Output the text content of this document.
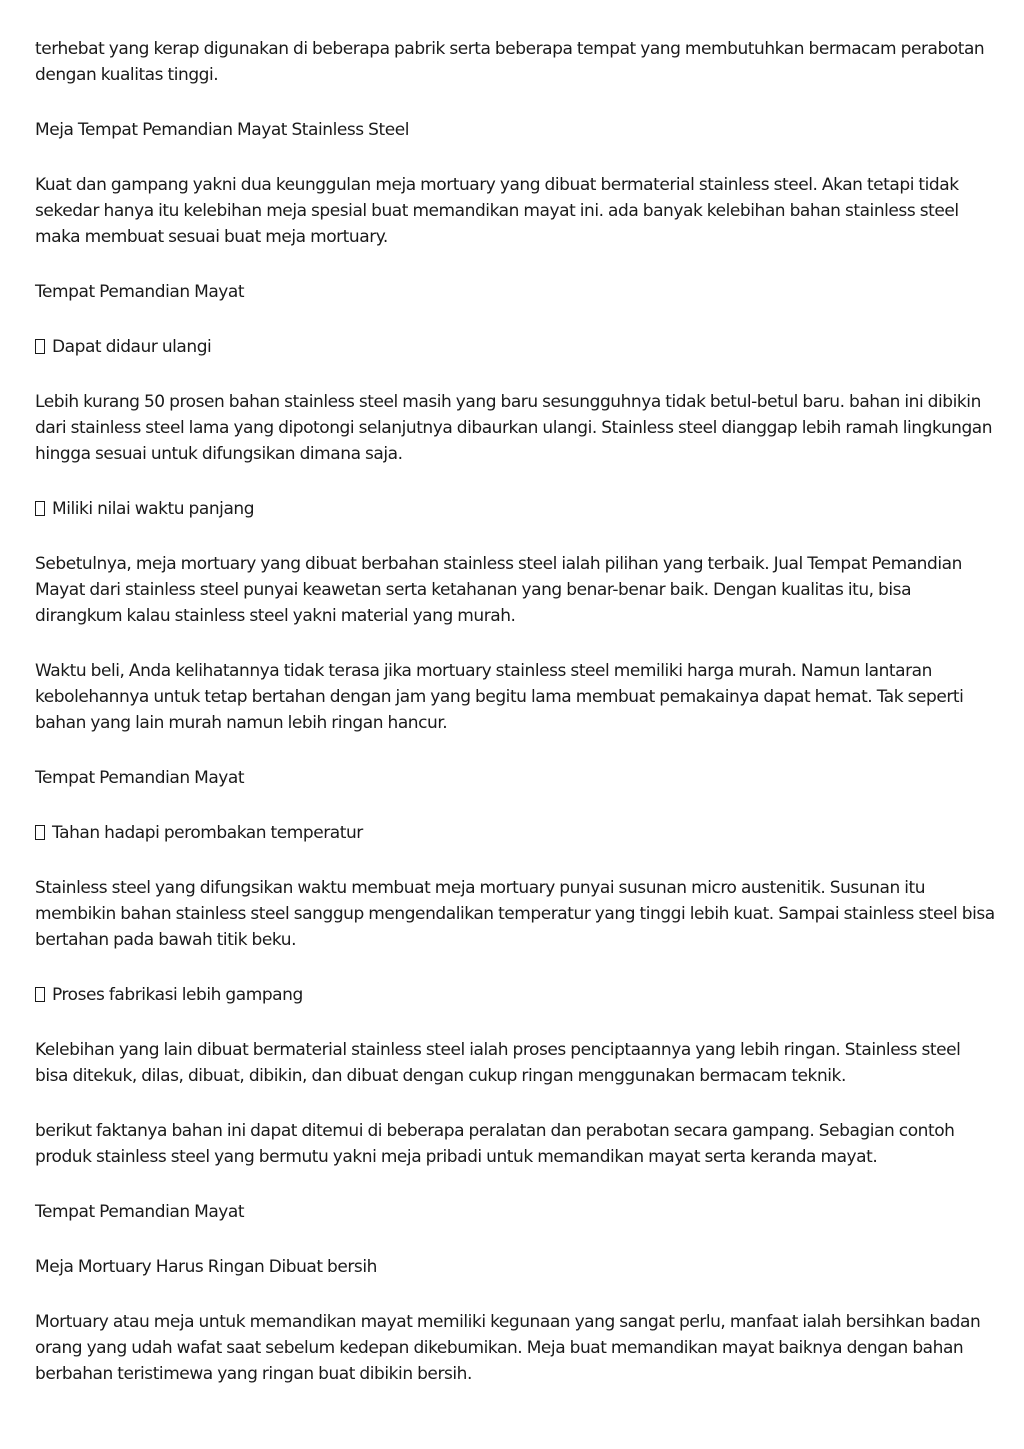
terhebat yang kerap digunakan di beberapa pabrik serta beberapa tempat yang membutuhkan bermacam perabotan dengan kualitas tinggi.

Meja Tempat Pemandian Mayat Stainless Steel

Kuat dan gampang yakni dua keunggulan meja mortuary yang dibuat bermaterial stainless steel. Akan tetapi tidak sekedar hanya itu kelebihan meja spesial buat memandikan mayat ini. ada banyak kelebihan bahan stainless steel maka membuat sesuai buat meja mortuary.

Tempat Pemandian Mayat

Dapat didaur ulangi

Lebih kurang 50 prosen bahan stainless steel masih yang baru sesungguhnya tidak betul-betul baru. bahan ini dibikin dari stainless steel lama yang dipotongi selanjutnya dibaurkan ulangi. Stainless steel dianggap lebih ramah lingkungan hingga sesuai untuk difungsikan dimana saja.

Miliki nilai waktu panjang

Sebetulnya, meja mortuary yang dibuat berbahan stainless steel ialah pilihan yang terbaik. Jual Tempat Pemandian Mayat dari stainless steel punyai keawetan serta ketahanan yang benar-benar baik. Dengan kualitas itu, bisa dirangkum kalau stainless steel yakni material yang murah.

Waktu beli, Anda kelihatannya tidak terasa jika mortuary stainless steel memiliki harga murah. Namun lantaran kebolehannya untuk tetap bertahan dengan jam yang begitu lama membuat pemakainya dapat hemat. Tak seperti bahan yang lain murah namun lebih ringan hancur.

Tempat Pemandian Mayat

Tahan hadapi perombakan temperatur

Stainless steel yang difungsikan waktu membuat meja mortuary punyai susunan micro austenitik. Susunan itu membikin bahan stainless steel sanggup mengendalikan temperatur yang tinggi lebih kuat. Sampai stainless steel bisa bertahan pada bawah titik beku.

Proses fabrikasi lebih gampang

Kelebihan yang lain dibuat bermaterial stainless steel ialah proses penciptaannya yang lebih ringan. Stainless steel bisa ditekuk, dilas, dibuat, dibikin, dan dibuat dengan cukup ringan menggunakan bermacam teknik.

berikut faktanya bahan ini dapat ditemui di beberapa peralatan dan perabotan secara gampang. Sebagian contoh produk stainless steel yang bermutu yakni meja pribadi untuk memandikan mayat serta keranda mayat.

Tempat Pemandian Mayat

Meja Mortuary Harus Ringan Dibuat bersih

Mortuary atau meja untuk memandikan mayat memiliki kegunaan yang sangat perlu, manfaat ialah bersihkan badan orang yang udah wafat saat sebelum kedepan dikebumikan. Meja buat memandikan mayat baiknya dengan bahan berbahan teristimewa yang ringan buat dibikin bersih.
